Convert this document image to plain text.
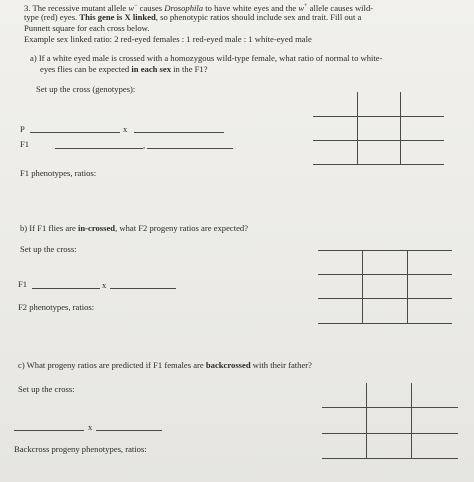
3. The recessive mutant allele w− causes Drosophila to have white eyes and the w+ allele causes wild-
type (red) eyes. This gene is X linked, so phenotypic ratios should include sex and trait. Fill out a
Punnett square for each cross below.
Example sex linked ratio: 2 red-eyed females : 1 red-eyed male : 1 white-eyed male
a) If a white eyed male is crossed with a homozygous wild-type female, what ratio of normal to white-
eyes flies can be expected in each sex in the F1?
Set up the cross (genotypes):
P	x
F1	,
F1 phenotypes, ratios:
b) If F1 flies are in-crossed, what F2 progeny ratios are expected?
Set up the cross:
F1	x
F2 phenotypes, ratios:
c) What progeny ratios are predicted if F1 females are backcrossed with their father?
Set up the cross:
x
Backcross progeny phenotypes, ratios:
